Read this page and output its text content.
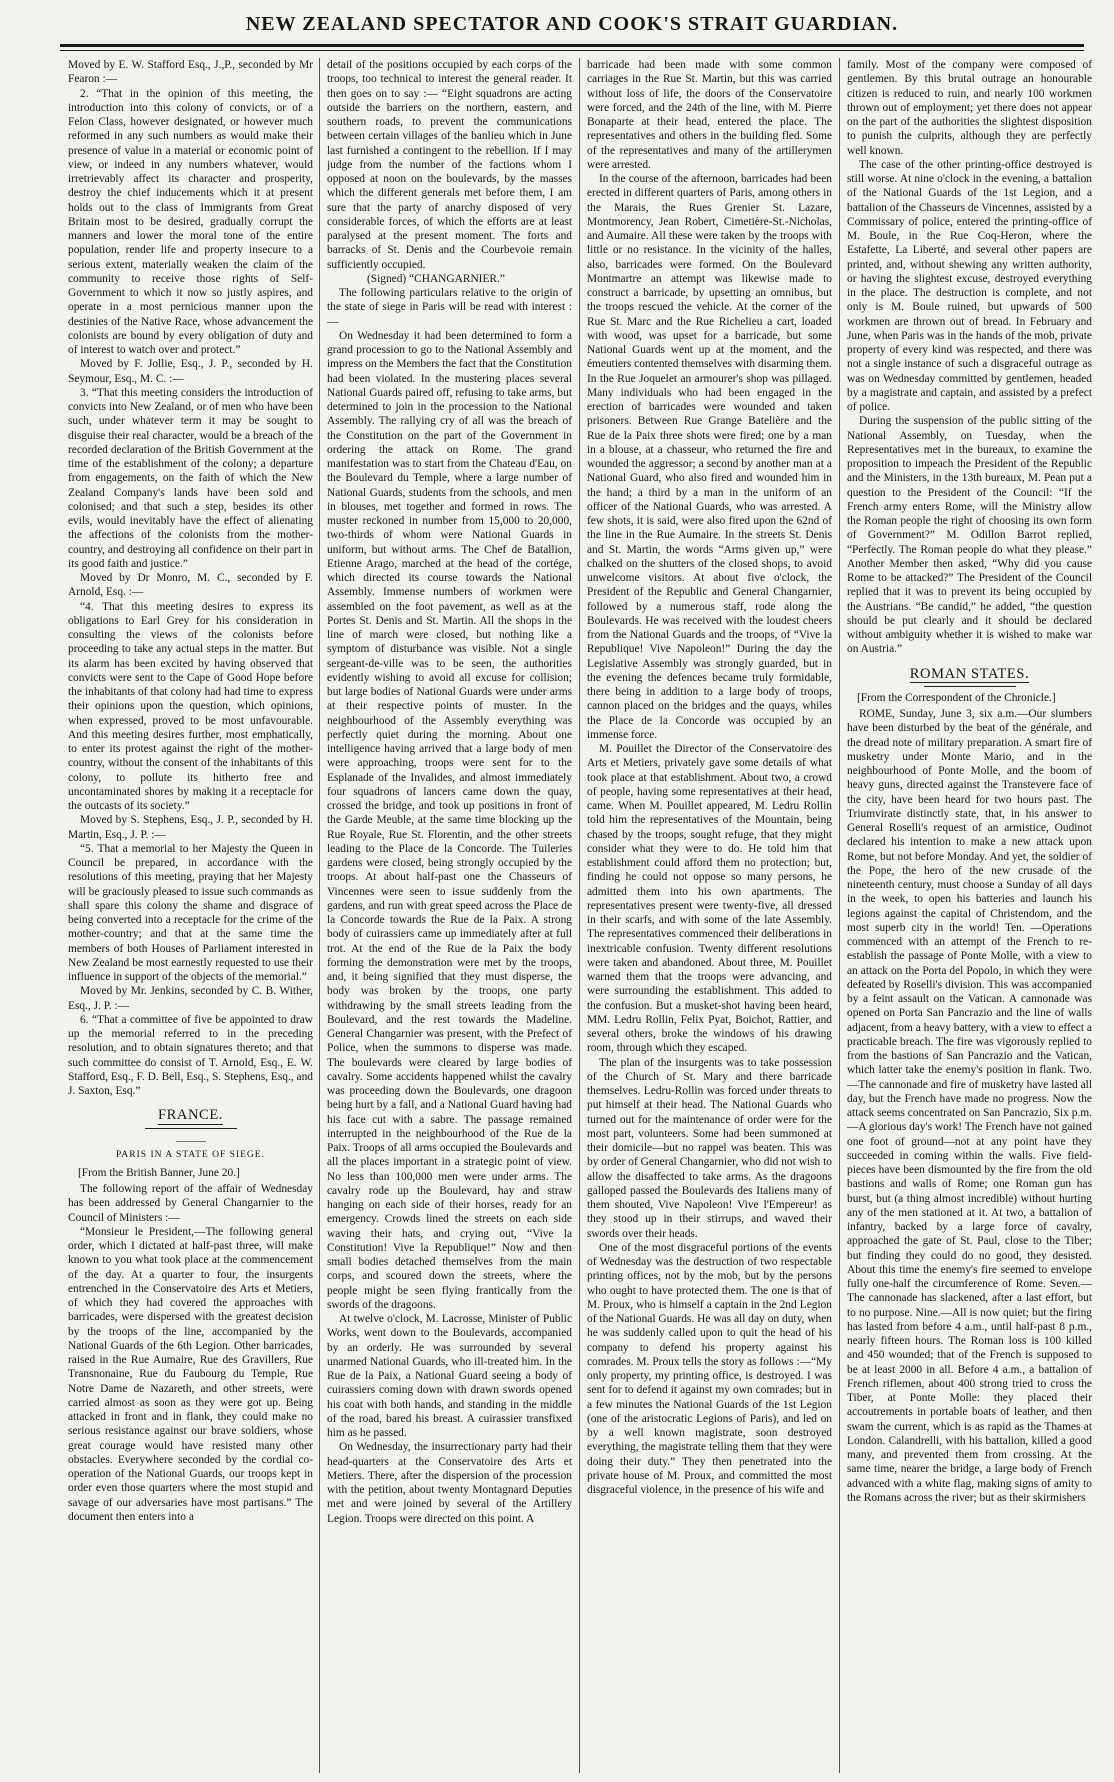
NEW ZEALAND SPECTATOR AND COOK'S STRAIT GUARDIAN.

Moved by E. W. Stafford Esq., J.,P., seconded by Mr Fearon :—

2. “That in the opinion of this meeting, the introduction into this colony of convicts, or of a Felon Class, however designated, or however much reformed in any such numbers as would make their presence of value in a material or economic point of view, or indeed in any numbers whatever, would irretrievably affect its character and prosperity, destroy the chief inducements which it at present holds out to the class of Immigrants from Great Britain most to be desired, gradually corrupt the manners and lower the moral tone of the entire population, render life and property insecure to a serious extent, materially weaken the claim of the community to receive those rights of Self-Government to which it now so justly aspires, and operate in a most pernicious manner upon the destinies of the Native Race, whose advancement the colonists are bound by every obligation of duty and of interest to watch over and protect.”

Moved by F. Jollie, Esq., J. P., seconded by H. Seymour, Esq., M. C. :—

3. “That this meeting considers the introduction of convicts into New Zealand, or of men who have been such, under whatever term it may be sought to disguise their real character, would be a breach of the recorded declaration of the British Government at the time of the establishment of the colony; a departure from engagements, on the faith of which the New Zealand Company's lands have been sold and colonised; and that such a step, besides its other evils, would inevitably have the effect of alienating the affections of the colonists from the mother-country, and destroying all confidence on their part in its good faith and justice.”

Moved by Dr Monro, M. C., seconded by F. Arnold, Esq. :—

“4. That this meeting desires to express its obligations to Earl Grey for his consideration in consulting the views of the colonists before proceeding to take any actual steps in the matter. But its alarm has been excited by having observed that convicts were sent to the Cape of Good Hope before the inhabitants of that colony had had time to express their opinions upon the question, which opinions, when expressed, proved to be most unfavourable. And this meeting desires further, most emphatically, to enter its protest against the right of the mother-country, without the consent of the inhabitants of this colony, to pollute its hitherto free and uncontaminated shores by making it a receptacle for the outcasts of its society.”

Moved by S. Stephens, Esq., J. P., seconded by H. Martin, Esq., J. P. :—

“5. That a memorial to her Majesty the Queen in Council be prepared, in accordance with the resolutions of this meeting, praying that her Majesty will be graciously pleased to issue such commands as shall spare this colony the shame and disgrace of being converted into a receptacle for the crime of the mother-country; and that at the same time the members of both Houses of Parliament interested in New Zealand be most earnestly requested to use their influence in support of the objects of the memorial.”

Moved by Mr. Jenkins, seconded by C. B. Wither, Esq., J. P. :—

6. “That a committee of five be appointed to draw up the memorial referred to in the preceding resolution, and to obtain signatures thereto; and that such committee do consist of T. Arnold, Esq., E. W. Stafford, Esq., F. D. Bell, Esq., S. Stephens, Esq., and J. Saxton, Esq.”

FRANCE.
PARIS IN A STATE OF SIEGE.

[From the British Banner, June 20.]

The following report of the affair of Wednesday has been addressed by General Changarnier to the Council of Ministers :—

“Monsieur le President,—The following general order, which I dictated at half-past three, will make known to you what took place at the commencement of the day. At a quarter to four, the insurgents entrenched in the Conservatoire des Arts et Metiers, of which they had covered the approaches with barricades, were dispersed with the greatest decision by the troops of the line, accompanied by the National Guards of the 6th Legion. Other barricades, raised in the Rue Aumaire, Rue des Gravillers, Rue Transnonaine, Rue du Faubourg du Temple, Rue Notre Dame de Nazareth, and other streets, were carried almost as soon as they were got up. Being attacked in front and in flank, they could make no serious resistance against our brave soldiers, whose great courage would have resisted many other obstacles. Everywhere seconded by the cordial co-operation of the National Guards, our troops kept in order even those quarters where the most stupid and savage of our adversaries have most partisans.” The document then enters into a

detail of the positions occupied by each corps of the troops, too technical to interest the general reader. It then goes on to say :— “Eight squadrons are acting outside the barriers on the northern, eastern, and southern roads, to prevent the communications between certain villages of the banlieu which in June last furnished a contingent to the rebellion. If I may judge from the number of the factions whom I opposed at noon on the boulevards, by the masses which the different generals met before them, I am sure that the party of anarchy disposed of very considerable forces, of which the efforts are at least paralysed at the present moment. The forts and barracks of St. Denis and the Courbevoie remain sufficiently occupied.

(Signed) “CHANGARNIER.”

The following particulars relative to the origin of the state of siege in Paris will be read with interest :—

On Wednesday it had been determined to form a grand procession to go to the National Assembly and impress on the Members the fact that the Constitution had been violated. In the mustering places several National Guards paired off, refusing to take arms, but determined to join in the procession to the National Assembly. The rallying cry of all was the breach of the Constitution on the part of the Government in ordering the attack on Rome. The grand manifestation was to start from the Chateau d'Eau, on the Boulevard du Temple, where a large number of National Guards, students from the schools, and men in blouses, met together and formed in rows. The muster reckoned in number from 15,000 to 20,000, two-thirds of whom were National Guards in uniform, but without arms. The Chef de Batallion, Etienne Arago, marched at the head of the cortége, which directed its course towards the National Assembly. Immense numbers of workmen were assembled on the foot pavement, as well as at the Portes St. Denis and St. Martin. All the shops in the line of march were closed, but nothing like a symptom of disturbance was visible. Not a single sergeant-de-ville was to be seen, the authorities evidently wishing to avoid all excuse for collision; but large bodies of National Guards were under arms at their respective points of muster. In the neighbourhood of the Assembly everything was perfectly quiet during the morning. About one intelligence having arrived that a large body of men were approaching, troops were sent for to the Esplanade of the Invalides, and almost immediately four squadrons of lancers came down the quay, crossed the bridge, and took up positions in front of the Garde Meuble, at the same time blocking up the Rue Royale, Rue St. Florentin, and the other streets leading to the Place de la Concorde. The Tuileries gardens were closed, being strongly occupied by the troops. At about half-past one the Chasseurs of Vincennes were seen to issue suddenly from the gardens, and run with great speed across the Place de la Concorde towards the Rue de la Paix. A strong body of cuirassiers came up immediately after at full trot. At the end of the Rue de la Paix the body forming the demonstration were met by the troops, and, it being signified that they must disperse, the body was broken by the troops, one party withdrawing by the small streets leading from the Boulevard, and the rest towards the Madeline. General Changarnier was present, with the Prefect of Police, when the summons to disperse was made. The boulevards were cleared by large bodies of cavalry. Some accidents happened whilst the cavalry was proceeding down the Boulevards, one dragoon being hurt by a fall, and a National Guard having had his face cut with a sabre. The passage remained interrupted in the neighbourhood of the Rue de la Paix. Troops of all arms occupied the Boulevards and all the places important in a strategic point of view. No less than 100,000 men were under arms. The cavalry rode up the Boulevard, hay and straw hanging on each side of their horses, ready for an emergency. Crowds lined the streets on each side waving their hats, and crying out, “Vive la Constitution! Vive la Republique!” Now and then small bodies detached themselves from the main corps, and scoured down the streets, where the people might be seen flying frantically from the swords of the dragoons.

At twelve o'clock, M. Lacrosse, Minister of Public Works, went down to the Boulevards, accompanied by an orderly. He was surrounded by several unarmed National Guards, who ill-treated him. In the Rue de la Paix, a National Guard seeing a body of cuirassiers coming down with drawn swords opened his coat with both hands, and standing in the middle of the road, bared his breast. A cuirassier transfixed him as he passed.

On Wednesday, the insurrectionary party had their head-quarters at the Conservatoire des Arts et Metiers. There, after the dispersion of the procession with the petition, about twenty Montagnard Deputies met and were joined by several of the Artillery Legion. Troops were directed on this point. A

barricade had been made with some common carriages in the Rue St. Martin, but this was carried without loss of life, the doors of the Conservatoire were forced, and the 24th of the line, with M. Pierre Bonaparte at their head, entered the place. The representatives and others in the building fled. Some of the representatives and many of the artillerymen were arrested.

In the course of the afternoon, barricades had been erected in different quarters of Paris, among others in the Marais, the Rues Grenier St. Lazare, Montmorency, Jean Robert, Cimetière-St.-Nicholas, and Aumaire. All these were taken by the troops with little or no resistance. In the vicinity of the halles, also, barricades were formed. On the Boulevard Montmartre an attempt was likewise made to construct a barricade, by upsetting an omnibus, but the troops rescued the vehicle. At the corner of the Rue St. Marc and the Rue Richelieu a cart, loaded with wood, was upset for a barricade, but some National Guards went up at the moment, and the émeutiers contented themselves with disarming them. In the Rue Joquelet an armourer's shop was pillaged. Many individuals who had been engaged in the erection of barricades were wounded and taken prisoners. Between Rue Grange Batelière and the Rue de la Paix three shots were fired; one by a man in a blouse, at a chasseur, who returned the fire and wounded the aggressor; a second by another man at a National Guard, who also fired and wounded him in the hand; a third by a man in the uniform of an officer of the National Guards, who was arrested. A few shots, it is said, were also fired upon the 62nd of the line in the Rue Aumaire. In the streets St. Denis and St. Martin, the words “Arms given up,” were chalked on the shutters of the closed shops, to avoid unwelcome visitors. At about five o'clock, the President of the Republic and General Changarnier, followed by a numerous staff, rode along the Boulevards. He was received with the loudest cheers from the National Guards and the troops, of “Vive la Republique! Vive Napoleon!” During the day the Legislative Assembly was strongly guarded, but in the evening the defences became truly formidable, there being in addition to a large body of troops, cannon placed on the bridges and the quays, whiles the Place de la Concorde was occupied by an immense force.

M. Pouillet the Director of the Conservatoire des Arts et Metiers, privately gave some details of what took place at that establishment. About two, a crowd of people, having some representatives at their head, came. When M. Pouillet appeared, M. Ledru Rollin told him the representatives of the Mountain, being chased by the troops, sought refuge, that they might consider what they were to do. He told him that establishment could afford them no protection; but, finding he could not oppose so many persons, he admitted them into his own apartments. The representatives present were twenty-five, all dressed in their scarfs, and with some of the late Assembly. The representatives commenced their deliberations in inextricable confusion. Twenty different resolutions were taken and abandoned. About three, M. Pouillet warned them that the troops were advancing, and were surrounding the establishment. This added to the confusion. But a musket-shot having been heard, MM. Ledru Rollin, Felix Pyat, Boichot, Rattier, and several others, broke the windows of his drawing room, through which they escaped.

The plan of the insurgents was to take possession of the Church of St. Mary and there barricade themselves. Ledru-Rollin was forced under threats to put himself at their head. The National Guards who turned out for the maintenance of order were for the most part, volunteers. Some had been summoned at their domicile—but no rappel was beaten. This was by order of General Changarnier, who did not wish to allow the disaffected to take arms. As the dragoons galloped passed the Boulevards des Italiens many of them shouted, Vive Napoleon! Vive l'Empereur! as they stood up in their stirrups, and waved their swords over their heads.

One of the most disgraceful portions of the events of Wednesday was the destruction of two respectable printing offices, not by the mob, but by the persons who ought to have protected them. The one is that of M. Proux, who is himself a captain in the 2nd Legion of the National Guards. He was all day on duty, when he was suddenly called upon to quit the head of his company to defend his property against his comrades. M. Proux tells the story as follows :—“My only property, my printing office, is destroyed. I was sent for to defend it against my own comrades; but in a few minutes the National Guards of the 1st Legion (one of the aristocratic Legions of Paris), and led on by a well known magistrate, soon destroyed everything, the magistrate telling them that they were doing their duty.” They then penetrated into the private house of M. Proux, and committed the most disgraceful violence, in the presence of his wife and

family. Most of the company were composed of gentlemen. By this brutal outrage an honourable citizen is reduced to ruin, and nearly 100 workmen thrown out of employment; yet there does not appear on the part of the authorities the slightest disposition to punish the culprits, although they are perfectly well known.

The case of the other printing-office destroyed is still worse. At nine o'clock in the evening, a battalion of the National Guards of the 1st Legion, and a battalion of the Chasseurs de Vincennes, assisted by a Commissary of police, entered the printing-office of M. Boule, in the Rue Coq-Heron, where the Estafette, La Liberté, and several other papers are printed, and, without shewing any written authority, or having the slightest excuse, destroyed everything in the place. The destruction is complete, and not only is M. Boule ruined, but upwards of 500 workmen are thrown out of bread. In February and June, when Paris was in the hands of the mob, private property of every kind was respected, and there was not a single instance of such a disgraceful outrage as was on Wednesday committed by gentlemen, headed by a magistrate and captain, and assisted by a prefect of police.

During the suspension of the public sitting of the National Assembly, on Tuesday, when the Representatives met in the bureaux, to examine the proposition to impeach the President of the Republic and the Ministers, in the 13th bureaux, M. Pean put a question to the President of the Council: “If the French army enters Rome, will the Ministry allow the Roman people the right of choosing its own form of Government?” M. Odillon Barrot replied, “Perfectly. The Roman people do what they please.” Another Member then asked, “Why did you cause Rome to be attacked?” The President of the Council replied that it was to prevent its being occupied by the Austrians. “Be candid,” he added, “the question should be put clearly and it should be declared without ambiguity whether it is wished to make war on Austria.”

ROMAN STATES.

[From the Correspondent of the Chronicle.]

ROME, Sunday, June 3, six a.m.—Our slumbers have been disturbed by the beat of the générale, and the dread note of military preparation. A smart fire of musketry under Monte Mario, and in the neighbourhood of Ponte Molle, and the boom of heavy guns, directed against the Transtevere face of the city, have been heard for two hours past. The Triumvirate distinctly state, that, in his answer to General Roselli's request of an armistice, Oudinot declared his intention to make a new attack upon Rome, but not before Monday. And yet, the soldier of the Pope, the hero of the new crusade of the nineteenth century, must choose a Sunday of all days in the week, to open his batteries and launch his legions against the capital of Christendom, and the most superb city in the world! Ten. —Operations commenced with an attempt of the French to re-establish the passage of Ponte Molle, with a view to an attack on the Porta del Popolo, in which they were defeated by Roselli's division. This was accompanied by a feint assault on the Vatican. A cannonade was opened on Porta San Pancrazio and the line of walls adjacent, from a heavy battery, with a view to effect a practicable breach. The fire was vigorously replied to from the bastions of San Pancrazio and the Vatican, which latter take the enemy's position in flank. Two.—The cannonade and fire of musketry have lasted all day, but the French have made no progress. Now the attack seems concentrated on San Pancrazio, Six p.m.—A glorious day's work! The French have not gained one foot of ground—not at any point have they succeeded in coming within the walls. Five field-pieces have been dismounted by the fire from the old bastions and walls of Rome; one Roman gun has burst, but (a thing almost incredible) without hurting any of the men stationed at it. At two, a battalion of infantry, backed by a large force of cavalry, approached the gate of St. Paul, close to the Tiber; but finding they could do no good, they desisted. About this time the enemy's fire seemed to envelope fully one-half the circumference of Rome. Seven.—The cannonade has slackened, after a last effort, but to no purpose. Nine.—All is now quiet; but the firing has lasted from before 4 a.m., until half-past 8 p.m., nearly fifteen hours. The Roman loss is 100 killed and 450 wounded; that of the French is supposed to be at least 2000 in all. Before 4 a.m., a battalion of French riflemen, about 400 strong tried to cross the Tiber, at Ponte Molle: they placed their accoutrements in portable boats of leather, and then swam the current, which is as rapid as the Thames at London. Calandrelli, with his battalion, killed a good many, and prevented them from crossing. At the same time, nearer the bridge, a large body of French advanced with a white flag, making signs of amity to the Romans across the river; but as their skirmishers
